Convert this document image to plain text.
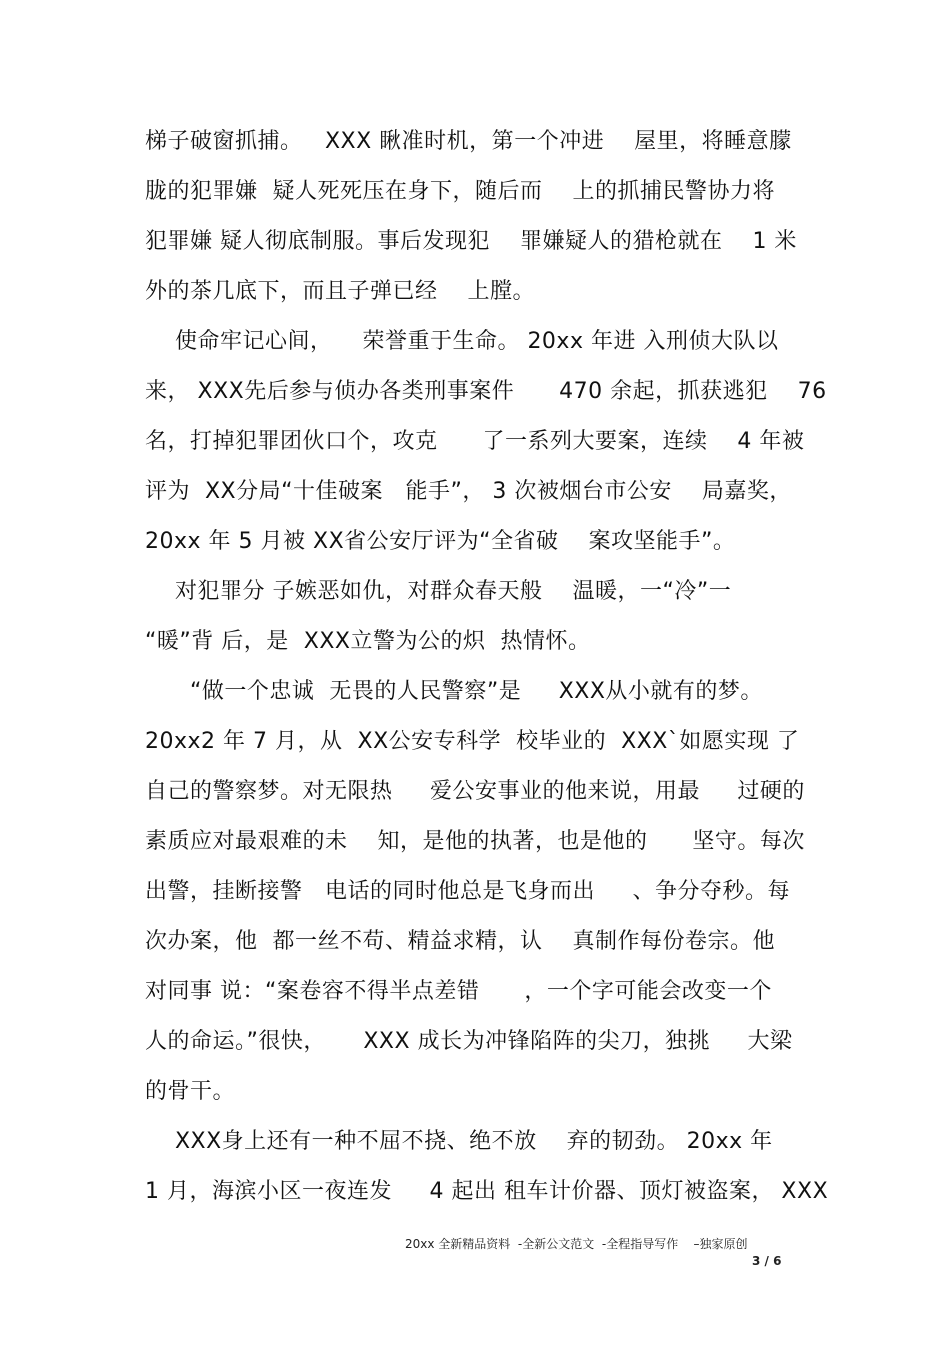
梯子破窗抓捕。   XXX 瞅准时机，第一个冲进    屋里，将睡意朦
胧的犯罪嫌  疑人死死压在身下，随后而    上的抓捕民警协力将
犯罪嫌 疑人彻底制服。事后发现犯    罪嫌疑人的猎枪就在    1 米
外的茶几底下，而且子弹已经    上膛。
使命牢记心间，    荣誉重于生命。 20xx 年进 入刑侦大队以
来， XXX先后参与侦办各类刑事案件      470 余起，抓获逃犯    76
名，打掉犯罪团伙口个，攻克      了一系列大要案，连续    4 年被
评为  XX分局“十佳破案   能手”， 3 次被烟台市公安    局嘉奖，
20xx 年 5 月被 XX省公安厅评为“全省破    案攻坚能手”。
对犯罪分 子嫉恶如仇，对群众春天般    温暖，一“冷”一
“暖”背 后，是  XXX立警为公的炽  热情怀。
“做一个忠诚  无畏的人民警察”是     XXX从小就有的梦。
20xx2 年 7 月，从  XX公安专科学  校毕业的  XXX`如愿实现 了
自己的警察梦。对无限热     爱公安事业的他来说，用最     过硬的
素质应对最艰难的未    知，是他的执著，也是他的      坚守。每次
出警，挂断接警   电话的同时他总是飞身而出     、争分夺秒。每
次办案，他  都一丝不苟、精益求精，认    真制作每份卷宗。他
对同事 说：“案卷容不得半点差错      ，一个字可能会改变一个
人的命运。”很快，     XXX 成长为冲锋陷阵的尖刀，独挑     大梁
的骨干。
XXX身上还有一种不屈不挠、绝不放    弃的韧劲。 20xx 年
1 月，海滨小区一夜连发     4 起出 租车计价器、顶灯被盗案， XXX
20xx 全新精品资料  -全新公文范文  -全程指导写作    –独家原创
3 / 6
